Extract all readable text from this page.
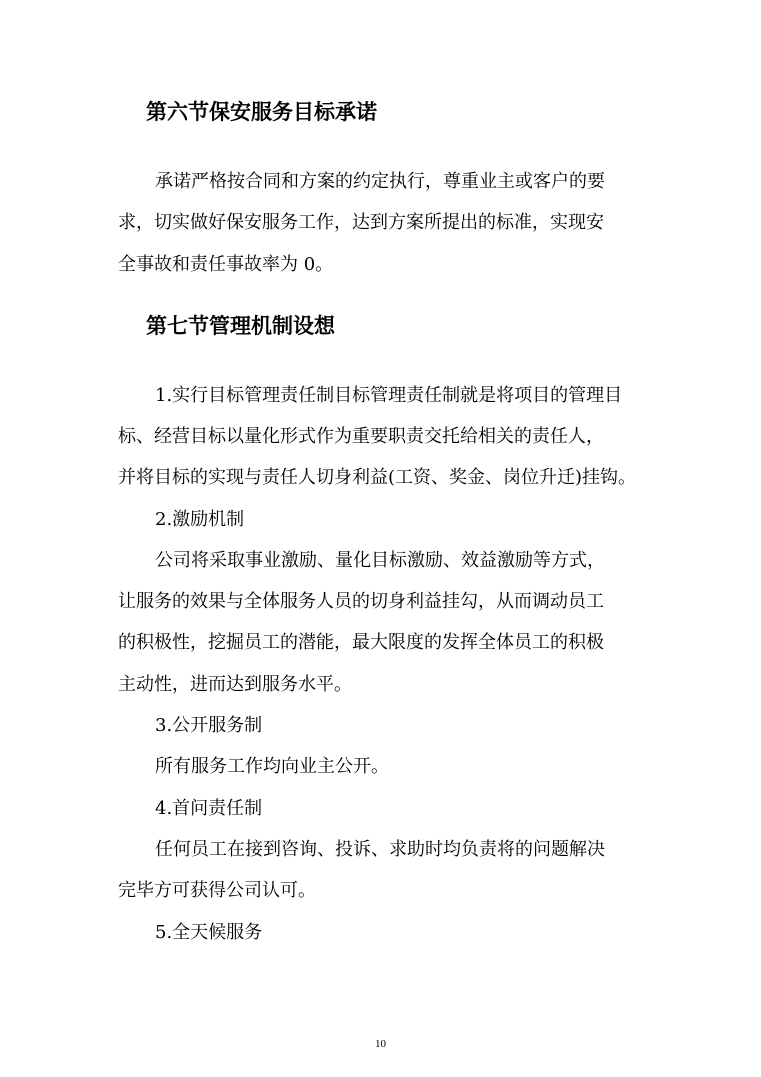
第六节保安服务目标承诺
承诺严格按合同和方案的约定执行，尊重业主或客户的要
求，切实做好保安服务工作，达到方案所提出的标准，实现安
全事故和责任事故率为 0。
第七节管理机制设想
1.实行目标管理责任制目标管理责任制就是将项目的管理目
标、经营目标以量化形式作为重要职责交托给相关的责任人，
并将目标的实现与责任人切身利益(工资、奖金、岗位升迁)挂钩。
2.激励机制
公司将采取事业激励、量化目标激励、效益激励等方式，
让服务的效果与全体服务人员的切身利益挂勾，从而调动员工
的积极性，挖掘员工的潜能，最大限度的发挥全体员工的积极
主动性，进而达到服务水平。
3.公开服务制
所有服务工作均向业主公开。
4.首问责任制
任何员工在接到咨询、投诉、求助时均负责将的问题解决
完毕方可获得公司认可。
5.全天候服务
10
